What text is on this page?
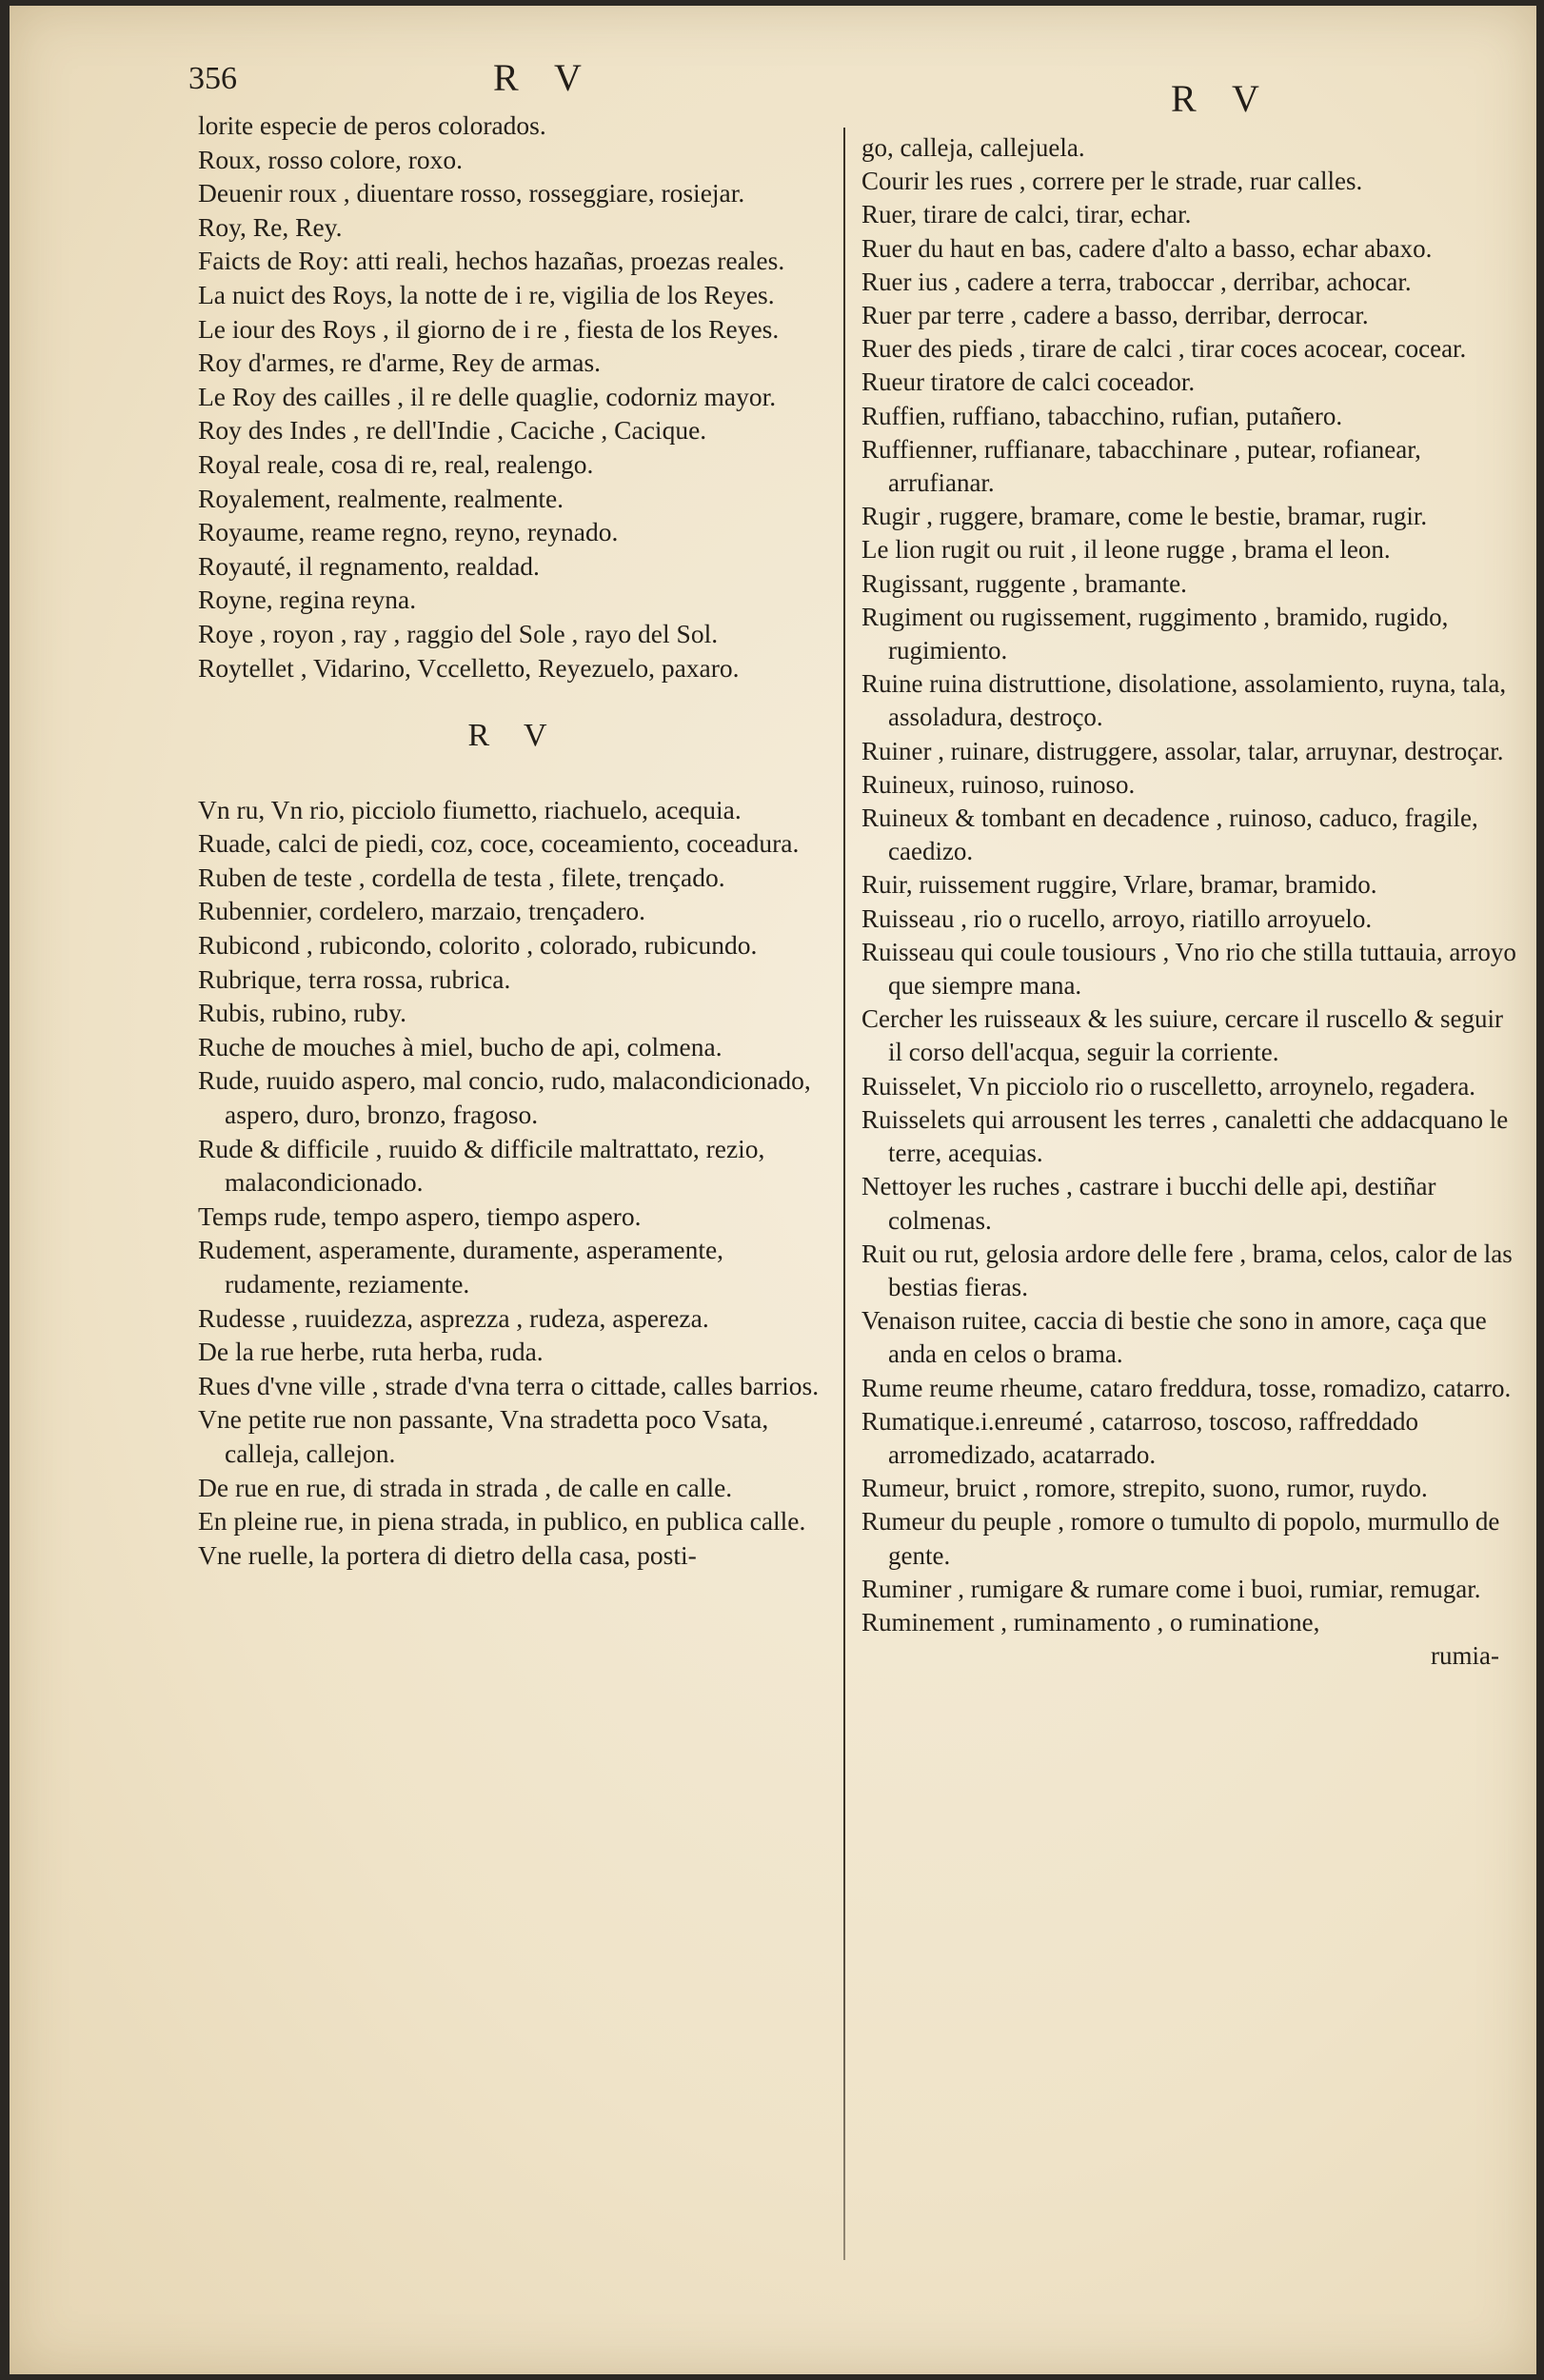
356	R V	R V

lorite especie de peros colorados.

Roux, rosso colore, roxo.

Deuenir roux , diuentare rosso, rosseggiare, rosiejar.

Roy, Re, Rey.

Faicts de Roy: atti reali, hechos hazañas, proezas reales.

La nuict des Roys, la notte de i re, vigilia de los Reyes.

Le iour des Roys , il giorno de i re , fiesta de los Reyes.

Roy d'armes, re d'arme, Rey de armas.

Le Roy des cailles , il re delle quaglie, codorniz mayor.

Roy des Indes , re dell'Indie , Caciche , Cacique.

Royal reale, cosa di re, real, realengo.

Royalement, realmente, realmente.

Royaume, reame regno, reyno, reynado.

Royauté, il regnamento, realdad.

Royne, regina reyna.

Roye , royon , ray , raggio del Sole , rayo del Sol.

Roytellet , Vidarino, Vccelletto, Reyezuelo, paxaro.

R V

Vn ru, Vn rio, picciolo fiumetto, riachuelo, acequia.

Ruade, calci de piedi, coz, coce, coceamiento, coceadura.

Ruben de teste , cordella de testa , filete, trençado.

Rubennier, cordelero, marzaio, trençadero.

Rubicond , rubicondo, colorito , colorado, rubicundo.

Rubrique, terra rossa, rubrica.

Rubis, rubino, ruby.

Ruche de mouches à miel, bucho de api, colmena.

Rude, ruuido aspero, mal concio, rudo, malacondicionado, aspero, duro, bronzo, fragoso.

Rude & difficile , ruuido & difficile maltrattato, rezio, malacondicionado.

Temps rude, tempo aspero, tiempo aspero.

Rudement, asperamente, duramente, asperamente, rudamente, reziamente.

Rudesse , ruuidezza, asprezza , rudeza, aspereza.

De la rue herbe, ruta herba, ruda.

Rues d'vne ville , strade d'vna terra o cittade, calles barrios.

Vne petite rue non passante, Vna stradetta poco Vsata, calleja, callejon.

De rue en rue, di strada in strada , de calle en calle.

En pleine rue, in piena strada, in publico, en publica calle.

Vne ruelle, la portera di dietro della casa, posti-

go, calleja, callejuela.

Courir les rues , correre per le strade, ruar calles.

Ruer, tirare de calci, tirar, echar.

Ruer du haut en bas, cadere d'alto a basso, echar abaxo.

Ruer ius , cadere a terra, traboccar , derribar, achocar.

Ruer par terre , cadere a basso, derribar, derrocar.

Ruer des pieds , tirare de calci , tirar coces acocear, cocear.

Rueur tiratore de calci coceador.

Ruffien, ruffiano, tabacchino, rufian, putañero.

Ruffienner, ruffianare, tabacchinare , putear, rofianear, arrufianar.

Rugir , ruggere, bramare, come le bestie, bramar, rugir.

Le lion rugit ou ruit , il leone rugge , brama el leon.

Rugissant, ruggente , bramante.

Rugiment ou rugissement, ruggimento , bramido, rugido, rugimiento.

Ruine ruina distruttione, disolatione, assolamiento, ruyna, tala, assoladura, destroço.

Ruiner , ruinare, distruggere, assolar, talar, arruynar, destroçar.

Ruineux, ruinoso, ruinoso.

Ruineux & tombant en decadence , ruinoso, caduco, fragile, caedizo.

Ruir, ruissement ruggire, Vrlare, bramar, bramido.

Ruisseau , rio o rucello, arroyo, riatillo arroyuelo.

Ruisseau qui coule tousiours , Vno rio che stilla tuttauia, arroyo que siempre mana.

Cercher les ruisseaux & les suiure, cercare il ruscello & seguir il corso dell'acqua, seguir la corriente.

Ruisselet, Vn picciolo rio o ruscelletto, arroynelo, regadera.

Ruisselets qui arrousent les terres , canaletti che addacquano le terre, acequias.

Nettoyer les ruches , castrare i bucchi delle api, destiñar colmenas.

Ruit ou rut, gelosia ardore delle fere , brama, celos, calor de las bestias fieras.

Venaison ruitee, caccia di bestie che sono in amore, caça que anda en celos o brama.

Rume reume rheume, cataro freddura, tosse, romadizo, catarro.

Rumatique.i.enreumé , catarroso, toscoso, raffreddado arromedizado, acatarrado.

Rumeur, bruict , romore, strepito, suono, rumor, ruydo.

Rumeur du peuple , romore o tumulto di popolo, murmullo de gente.

Ruminer , rumigare & rumare come i buoi, rumiar, remugar.

Ruminement , ruminamento , o ruminatione,

rumia-
